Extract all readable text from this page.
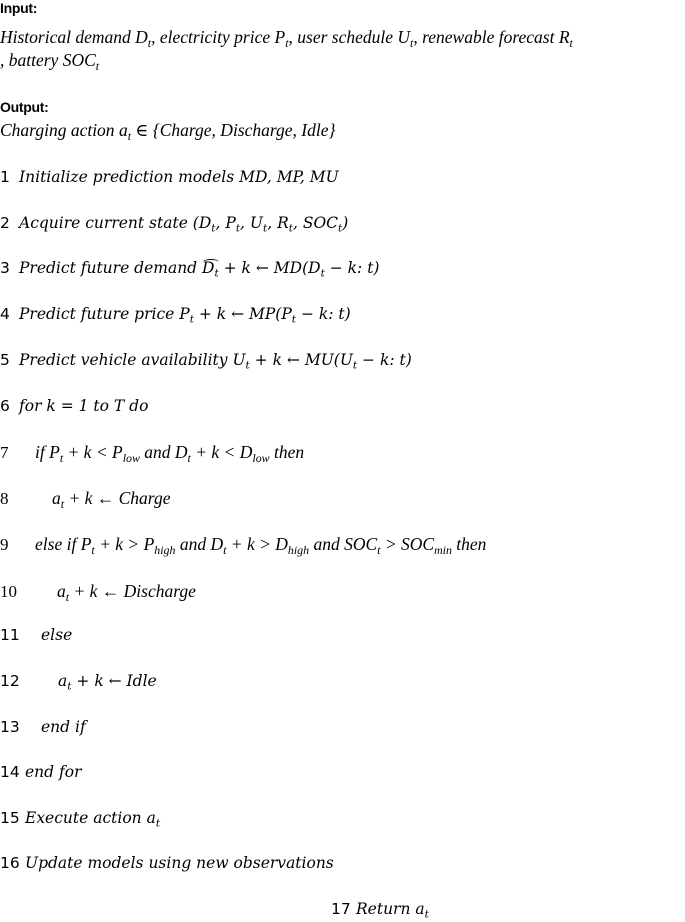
Input:
Historical demand $D_t$, electricity price $P_t$, user schedule $U_t$, renewable forecast $R_t$
, battery $SOC_t$
Output:
Charging action $a_t$ ∈ {Charge, Discharge, Idle}
1 Initialize prediction models MD, MP, MU
2 Acquire current state ($D_t$, $P_t$, $U_t$, $R_t$, $SOC_t$)
3 Predict future demand $D_t + k$ ← $MD(D_t - k$: t)
4 Predict future price $P_t + k$ ← $MP(P_t - k$: t)
5 Predict vehicle availability $U_t + k$ ← $MU(U_t - k$: t)
6 for k = 1 to T do
7	if $P_t + k < P_{low}$ and $D_t + k < D_{low}$ then
8	$a_t + k$ ← Charge
9	else if $P_t + k > P_{high}$ and $D_t + k > D_{high}$ and $SOC_t > SOC_{min}$ then
10	$a_t + k$ ← Discharge
11	else
12	$a_t + k$ ← Idle
13	end if
14 end for
15 Execute action $a_t$
16 Update models using new observations
17 Return $a_t$
